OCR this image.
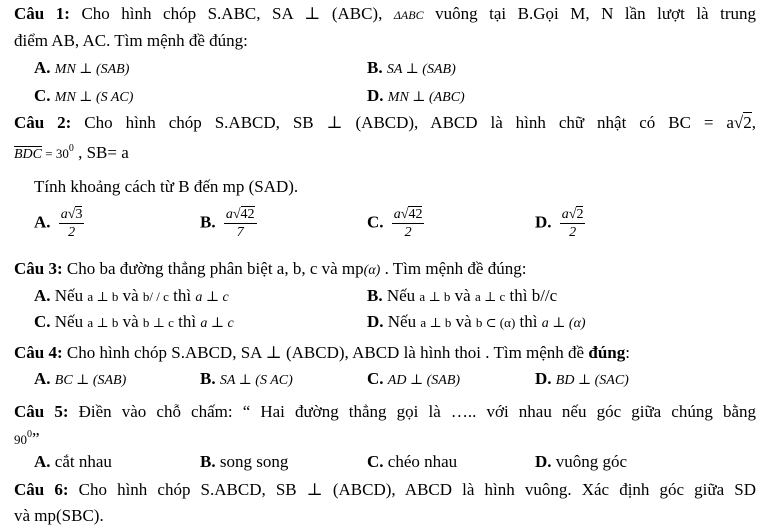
Câu 1: Cho hình chóp S.ABC, SA ⊥ (ABC), ΔABC vuông tại B.Gọi M, N lần lượt là trung
điểm AB, AC. Tìm mệnh đề đúng:
A. MN ⊥ (SAB)	B. SA ⊥ (SAB)
C. MN ⊥ (S AC)	D. MN ⊥ (ABC)
Câu 2: Cho hình chóp S.ABCD, SB ⊥ (ABCD), ABCD là hình chữ nhật có BC = a√2,
$\overline{BDC} = 30^0$ , SB= a
Tính khoảng cách từ B đến mp (SAD).
A. $\frac{a√3}{2}$	B. $\frac{a√42}{7}$	C. $\frac{a√42}{2}$	D. $\frac{a√2}{2}$
Câu 3: Cho ba đường thẳng phân biệt a, b, c và mp(α) . Tìm mệnh đề đúng:
A. Nếu a ⊥ b và b/ / c thì a ⊥ c	B. Nếu a ⊥ b và a ⊥ c thì b//c
C. Nếu a ⊥ b và b ⊥ c thì a ⊥ c	D. Nếu a ⊥ b và b ⊂ (α) thì a ⊥ (α)
Câu 4: Cho hình chóp S.ABCD, SA ⊥ (ABCD), ABCD là hình thoi . Tìm mệnh đề đúng:
A. BC ⊥ (SAB)	B. SA ⊥ (S AC)	C. AD ⊥ (SAB)	D. BD ⊥ (SAC)
Câu 5: Điền vào chỗ chấm: “ Hai đường thẳng gọi là ….. với nhau nếu góc giữa chúng bằng
$90^0$”
A. cắt nhau	B. song song	C. chéo nhau	D. vuông góc
Câu 6: Cho hình chóp S.ABCD, SB ⊥ (ABCD), ABCD là hình vuông. Xác định góc giữa SD
và mp(SBC).
